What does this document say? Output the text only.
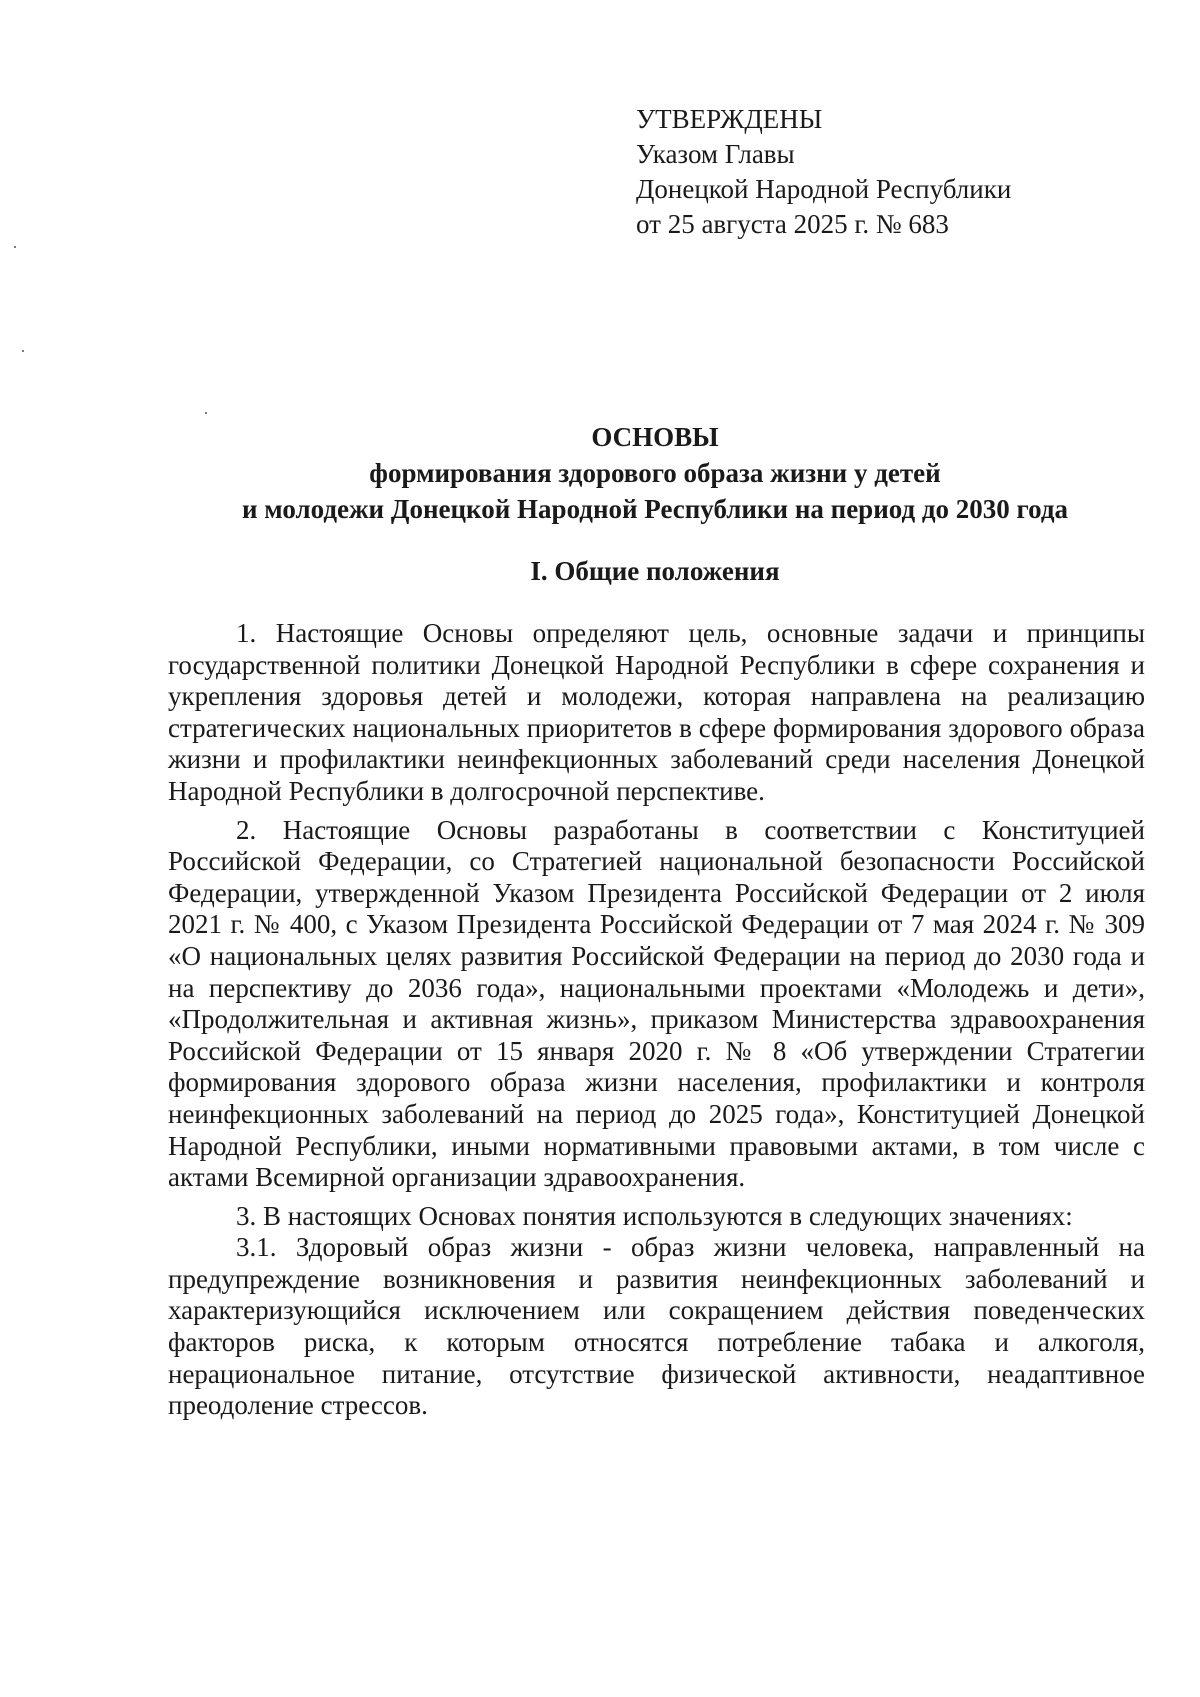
УТВЕРЖДЕНЫ

Указом Главы

Донецкой Народной Республики

от 25 августа 2025 г. № 683

ОСНОВЫ

формирования здорового образа жизни у детей

и молодежи Донецкой Народной Республики на период до 2030 года

I. Общие положения

1. Настоящие Основы определяют цель, основные задачи и принципы государственной политики Донецкой Народной Республики в сфере сохранения и укрепления здоровья детей и молодежи, которая направлена на реализацию стратегических национальных приоритетов в сфере формирования здорового образа жизни и профилактики неинфекционных заболеваний среди населения Донецкой Народной Республики в долгосрочной перспективе.

2. Настоящие Основы разработаны в соответствии с Конституцией Российской Федерации, со Стратегией национальной безопасности Российской Федерации, утвержденной Указом Президента Российской Федерации от 2 июля 2021 г. № 400, с Указом Президента Российской Федерации от 7 мая 2024 г. № 309 «О национальных целях развития Российской Федерации на период до 2030 года и на перспективу до 2036 года», национальными проектами «Молодежь и дети», «Продолжительная и активная жизнь», приказом Министерства здравоохранения Российской Федерации от 15 января 2020 г. № 8 «Об утверждении Стратегии формирования здорового образа жизни населения, профилактики и контроля неинфекционных заболеваний на период до 2025 года», Конституцией Донецкой Народной Республики, иными нормативными правовыми актами, в том числе с актами Всемирной организации здравоохранения.

3. В настоящих Основах понятия используются в следующих значениях:

3.1. Здоровый образ жизни - образ жизни человека, направленный на предупреждение возникновения и развития неинфекционных заболеваний и характеризующийся исключением или сокращением действия поведенческих факторов риска, к которым относятся потребление табака и алкоголя, нерациональное питание, отсутствие физической активности, неадаптивное преодоление стрессов.
